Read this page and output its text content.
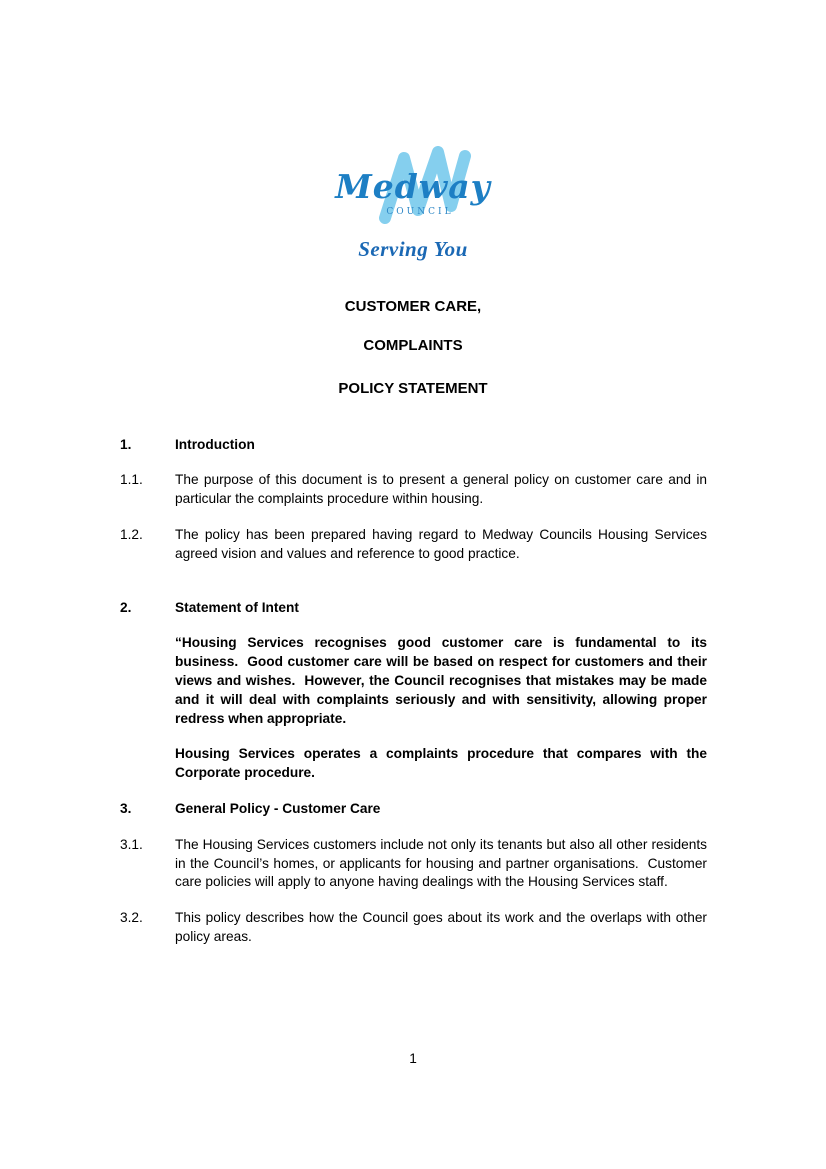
Medway
COUNCIL
Serving You
CUSTOMER CARE,
COMPLAINTS
POLICY STATEMENT
1.	Introduction
1.1. The purpose of this document is to present a general policy on customer care and in particular the complaints procedure within housing.
1.2. The policy has been prepared having regard to Medway Councils Housing Services agreed vision and values and reference to good practice.
2.	Statement of Intent
“Housing Services recognises good customer care is fundamental to its business.  Good customer care will be based on respect for customers and their views and wishes.  However, the Council recognises that mistakes may be made and it will deal with complaints seriously and with sensitivity, allowing proper redress when appropriate.
Housing Services operates a complaints procedure that compares with the Corporate procedure.
3.	General Policy - Customer Care
3.1. The Housing Services customers include not only its tenants but also all other residents in the Council’s homes, or applicants for housing and partner organisations.  Customer care policies will apply to anyone having dealings with the Housing Services staff.
3.2. This policy describes how the Council goes about its work and the overlaps with other policy areas.
1
